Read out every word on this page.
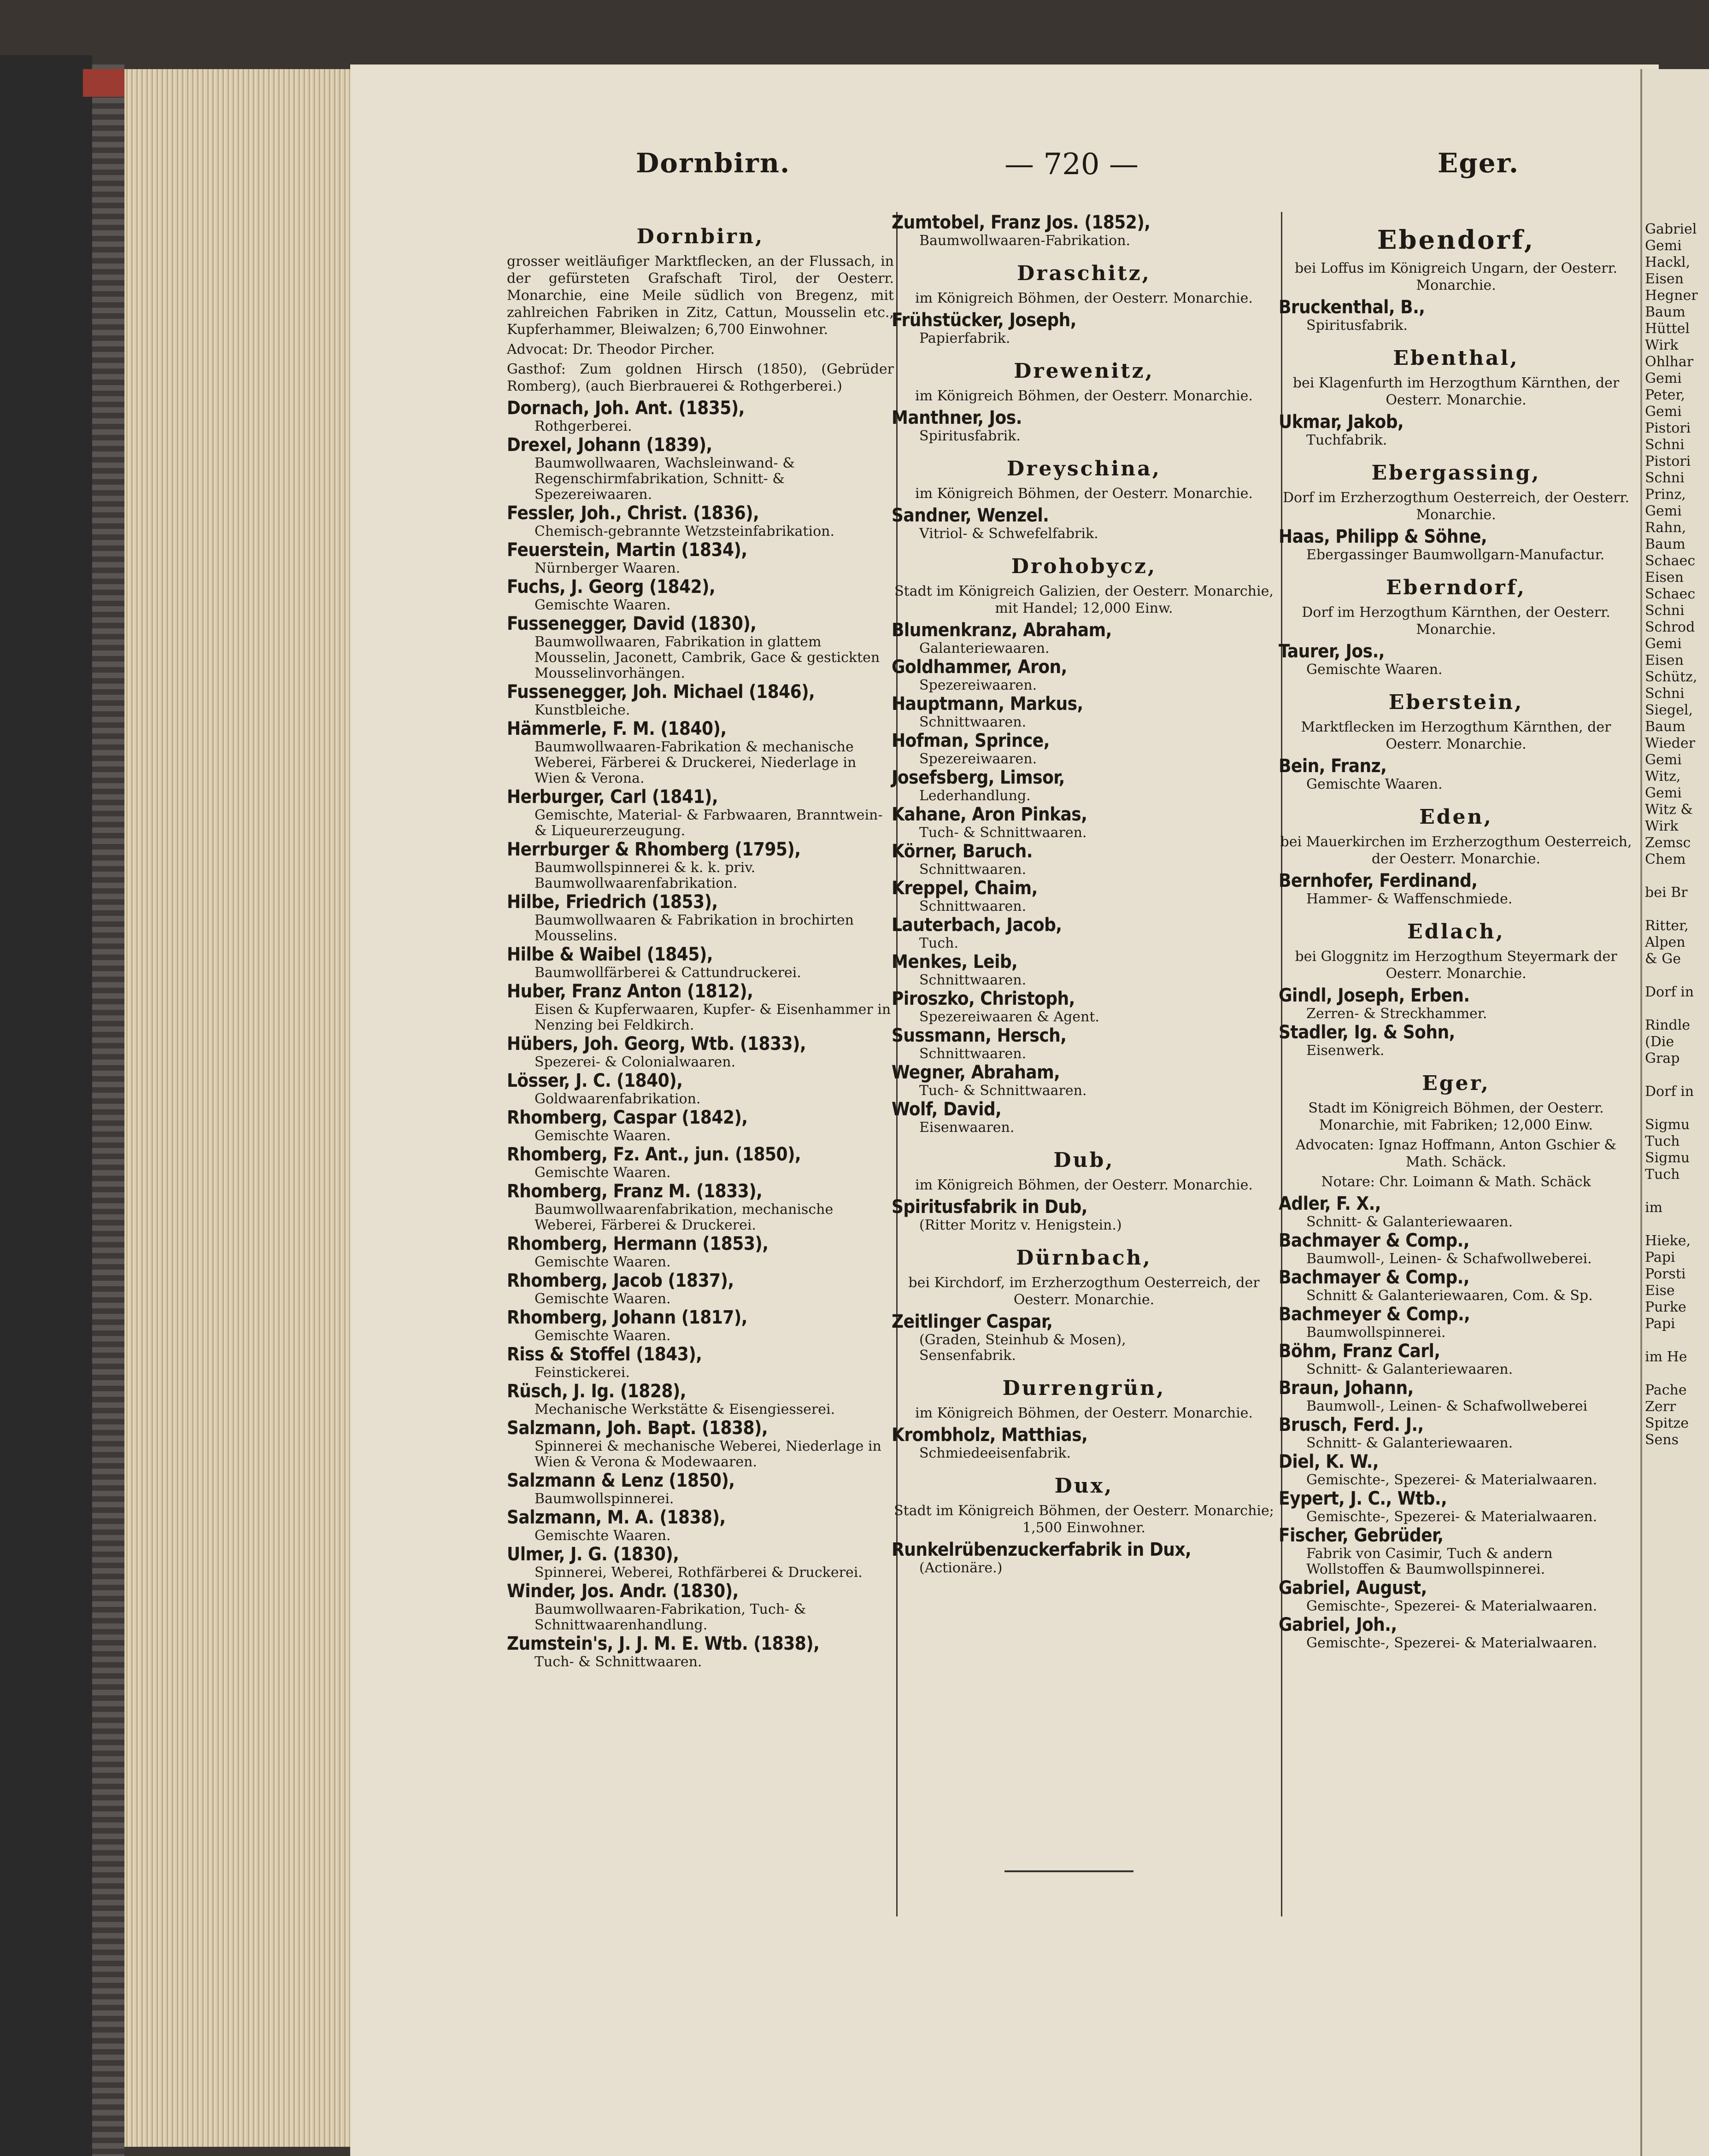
Gabriel
Gemi
Hackl,
Eisen
Hegner
Baum
Hüttel
Wirk
Ohlhar
Gemi
Peter,
Gemi
Pistori
Schni
Pistori
Schni
Prinz,
Gemi
Rahn,
Baum
Schaec
Eisen
Schaec
Schni
Schrod
Gemi
Eisen
Schütz,
Schni
Siegel,
Baum
Wieder
Gemi
Witz,
Gemi
Witz &
Wirk
Zemsc
Chem

bei Br

Ritter,
Alpen
& Ge

Dorf in

Rindle
(Die
Grap

Dorf in

Sigmu
Tuch
Sigmu
Tuch

im

Hieke,
Papi
Porsti
Eise
Purke
Papi

im He

Pache
Zerr
Spitze
Sens
Dornbirn.	— 720 —	Eger.
Dornbirn,
grosser weitläufiger Marktflecken, an der Flussach, in der gefürsteten Grafschaft Tirol, der Oesterr. Monarchie, eine Meile südlich von Bregenz, mit zahlreichen Fabriken in Zitz, Cattun, Mousselin etc., Kupferhammer, Bleiwalzen; 6,700 Einwohner.
Advocat: Dr. Theodor Pircher.
Gasthof: Zum goldnen Hirsch (1850), (Gebrüder Romberg), (auch Bierbrauerei & Rothgerberei.)
Dornach, Joh. Ant. (1835),
Rothgerberei.
Drexel, Johann (1839),
Baumwollwaaren, Wachsleinwand- & Regenschirmfabrikation, Schnitt- & Spezereiwaaren.
Fessler, Joh., Christ. (1836),
Chemisch-gebrannte Wetzsteinfabrikation.
Feuerstein, Martin (1834),
Nürnberger Waaren.
Fuchs, J. Georg (1842),
Gemischte Waaren.
Fussenegger, David (1830),
Baumwollwaaren, Fabrikation in glattem Mousselin, Jaconett, Cambrik, Gace & gestickten Mousselinvorhängen.
Fussenegger, Joh. Michael (1846),
Kunstbleiche.
Hämmerle, F. M. (1840),
Baumwollwaaren-Fabrikation & mechanische Weberei, Färberei & Druckerei, Niederlage in Wien & Verona.
Herburger, Carl (1841),
Gemischte, Material- & Farbwaaren, Branntwein- & Liqueurerzeugung.
Herrburger & Rhomberg (1795),
Baumwollspinnerei & k. k. priv. Baumwollwaarenfabrikation.
Hilbe, Friedrich (1853),
Baumwollwaaren & Fabrikation in brochirten Mousselins.
Hilbe & Waibel (1845),
Baumwollfärberei & Cattundruckerei.
Huber, Franz Anton (1812),
Eisen & Kupferwaaren, Kupfer- & Eisenhammer in Nenzing bei Feldkirch.
Hübers, Joh. Georg, Wtb. (1833),
Spezerei- & Colonialwaaren.
Lösser, J. C. (1840),
Goldwaarenfabrikation.
Rhomberg, Caspar (1842),
Gemischte Waaren.
Rhomberg, Fz. Ant., jun. (1850),
Gemischte Waaren.
Rhomberg, Franz M. (1833),
Baumwollwaarenfabrikation, mechanische Weberei, Färberei & Druckerei.
Rhomberg, Hermann (1853),
Gemischte Waaren.
Rhomberg, Jacob (1837),
Gemischte Waaren.
Rhomberg, Johann (1817),
Gemischte Waaren.
Riss & Stoffel (1843),
Feinstickerei.
Rüsch, J. Ig. (1828),
Mechanische Werkstätte & Eisengiesserei.
Salzmann, Joh. Bapt. (1838),
Spinnerei & mechanische Weberei, Niederlage in Wien & Verona & Modewaaren.
Salzmann & Lenz (1850),
Baumwollspinnerei.
Salzmann, M. A. (1838),
Gemischte Waaren.
Ulmer, J. G. (1830),
Spinnerei, Weberei, Rothfärberei & Druckerei.
Winder, Jos. Andr. (1830),
Baumwollwaaren-Fabrikation, Tuch- & Schnittwaarenhandlung.
Zumstein's, J. J. M. E. Wtb. (1838),
Tuch- & Schnittwaaren.
Zumtobel, Franz Jos. (1852),
Baumwollwaaren-Fabrikation.
Draschitz,
im Königreich Böhmen, der Oesterr. Monarchie.
Frühstücker, Joseph,
Papierfabrik.
Drewenitz,
im Königreich Böhmen, der Oesterr. Monarchie.
Manthner, Jos.
Spiritusfabrik.
Dreyschina,
im Königreich Böhmen, der Oesterr. Monarchie.
Sandner, Wenzel.
Vitriol- & Schwefelfabrik.
Drohobycz,
Stadt im Königreich Galizien, der Oesterr. Monarchie, mit Handel; 12,000 Einw.
Blumenkranz, Abraham,
Galanteriewaaren.
Goldhammer, Aron,
Spezereiwaaren.
Hauptmann, Markus,
Schnittwaaren.
Hofman, Sprince,
Spezereiwaaren.
Josefsberg, Limsor,
Lederhandlung.
Kahane, Aron Pinkas,
Tuch- & Schnittwaaren.
Körner, Baruch.
Schnittwaaren.
Kreppel, Chaim,
Schnittwaaren.
Lauterbach, Jacob,
Tuch.
Menkes, Leib,
Schnittwaaren.
Piroszko, Christoph,
Spezereiwaaren & Agent.
Sussmann, Hersch,
Schnittwaaren.
Wegner, Abraham,
Tuch- & Schnittwaaren.
Wolf, David,
Eisenwaaren.
Dub,
im Königreich Böhmen, der Oesterr. Monarchie.
Spiritusfabrik in Dub,
(Ritter Moritz v. Henigstein.)
Dürnbach,
bei Kirchdorf, im Erzherzogthum Oesterreich, der Oesterr. Monarchie.
Zeitlinger Caspar,
(Graden, Steinhub & Mosen),
Sensenfabrik.
Durrengrün,
im Königreich Böhmen, der Oesterr. Monarchie.
Krombholz, Matthias,
Schmiedeeisenfabrik.
Dux,
Stadt im Königreich Böhmen, der Oesterr. Monarchie; 1,500 Einwohner.
Runkelrübenzuckerfabrik in Dux,
(Actionäre.)
Ebendorf,
bei Loffus im Königreich Ungarn, der Oesterr. Monarchie.
Bruckenthal, B.,
Spiritusfabrik.
Ebenthal,
bei Klagenfurth im Herzogthum Kärnthen, der Oesterr. Monarchie.
Ukmar, Jakob,
Tuchfabrik.
Ebergassing,
Dorf im Erzherzogthum Oesterreich, der Oesterr. Monarchie.
Haas, Philipp & Söhne,
Ebergassinger Baumwollgarn-Manufactur.
Eberndorf,
Dorf im Herzogthum Kärnthen, der Oesterr. Monarchie.
Taurer, Jos.,
Gemischte Waaren.
Eberstein,
Marktflecken im Herzogthum Kärnthen, der Oesterr. Monarchie.
Bein, Franz,
Gemischte Waaren.
Eden,
bei Mauerkirchen im Erzherzogthum Oesterreich, der Oesterr. Monarchie.
Bernhofer, Ferdinand,
Hammer- & Waffenschmiede.
Edlach,
bei Gloggnitz im Herzogthum Steyermark der Oesterr. Monarchie.
Gindl, Joseph, Erben.
Zerren- & Streckhammer.
Stadler, Ig. & Sohn,
Eisenwerk.
Eger,
Stadt im Königreich Böhmen, der Oesterr. Monarchie, mit Fabriken; 12,000 Einw.
Advocaten: Ignaz Hoffmann, Anton Gschier & Math. Schäck.
Notare: Chr. Loimann & Math. Schäck
Adler, F. X.,
Schnitt- & Galanteriewaaren.
Bachmayer & Comp.,
Baumwoll-, Leinen- & Schafwollweberei.
Bachmayer & Comp.,
Schnitt & Galanteriewaaren, Com. & Sp.
Bachmeyer & Comp.,
Baumwollspinnerei.
Böhm, Franz Carl,
Schnitt- & Galanteriewaaren.
Braun, Johann,
Baumwoll-, Leinen- & Schafwollweberei
Brusch, Ferd. J.,
Schnitt- & Galanteriewaaren.
Diel, K. W.,
Gemischte-, Spezerei- & Materialwaaren.
Eypert, J. C., Wtb.,
Gemischte-, Spezerei- & Materialwaaren.
Fischer, Gebrüder,
Fabrik von Casimir, Tuch & andern Wollstoffen & Baumwollspinnerei.
Gabriel, August,
Gemischte-, Spezerei- & Materialwaaren.
Gabriel, Joh.,
Gemischte-, Spezerei- & Materialwaaren.
